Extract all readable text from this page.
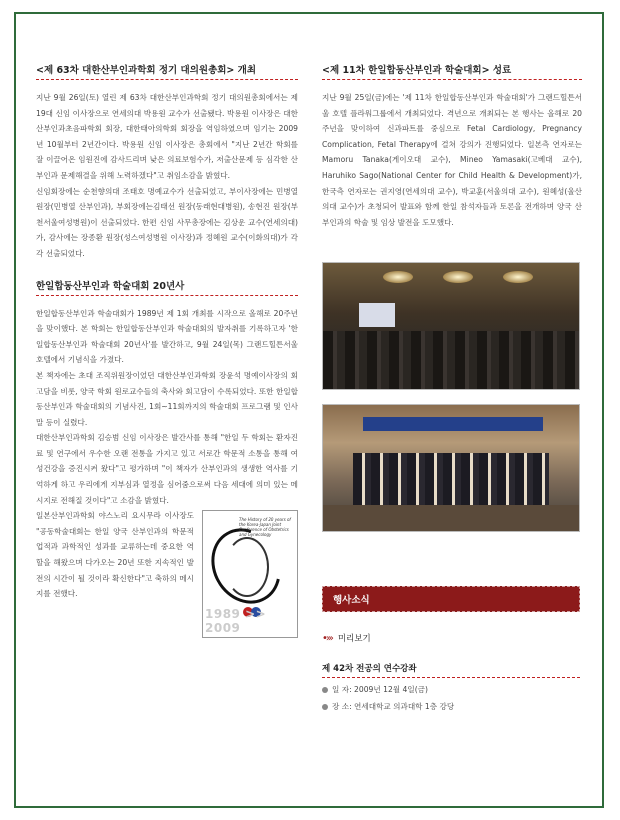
<제 63차 대한산부인과학회 정기 대의원총회> 개최

지난 9월 26일(토) 열린 제 63차 대한산부인과학회 정기 대의원총회에서는 제 19대 신임 이사장으로 연세의대 박용원 교수가 선출됐다. 박용원 이사장은 대한산부인과초음파학회 회장, 대한태아의학회 회장을 역임하였으며 임기는 2009년 10월부터 2년간이다. 박용원 신임 이사장은 총회에서 "지난 2년간 학회를 잘 이끌어온 임원진에 감사드리며 낮은 의료보험수가, 저출산문제 등 심각한 산부인과 문제해결을 위해 노력하겠다"고 취임소감을 밝혔다.

신임회장에는 순천향의대 조태호 명예교수가 선출되었고, 부이사장에는 민병열 원장(민병열 산부인과), 부회장에는김태선 원장(동래현대병원), 송현진 원장(부천서울여성병원)이 선출되었다. 한편 신임 사무총장에는 김상운 교수(연세의대)가, 감사에는 장종환 원장(성스여성병원 이사장)과 정혜원 교수(이화의대)가 각각 선출되었다.

한일합동산부인과 학술대회 20년사

한일합동산부인과 학술대회가 1989년 제 1회 개최를 시작으로 올해로 20주년을 맞이했다. 본 학회는 한일합동산부인과 학술대회의 발자취를 기록하고자 '한일합동산부인과 학술대회 20년사'를 발간하고, 9월 24일(목) 그랜드힐튼서울 호텔에서 기념식을 가졌다.

본 책자에는 초대 조직위원장이었던 대한산부인과학회 장윤석 명예이사장의 회고담을 비롯, 양국 학회 원로교수들의 축사와 회고담이 수록되었다. 또한 한일합동산부인과 학술대회의 기념사진, 1회~11회까지의 학술대회 프로그램 및 인사말 등이 실렸다.

대한산부인과학회 김승범 신임 이사장은 발간사를 통해 "한일 두 학회는 환자진료 및 연구에서 우수한 오랜 전통을 가지고 있고 서로간 학문적 소통을 통해 여성건강을 증진시켜 왔다"고 평가하며 "이 책자가 산부인과의 생생한 역사를 기억하게 하고 우리에게 지부심과 열정을 심어줌으로써 다음 세대에 의미 있는 메시지로 전해질 것이다"고 소감을 밝혔다.

일본산부인과학회 야스노리 요시무라 이사장도 "공동학술대회는 한일 양국 산부인과의 학문적 업적과 과학적인 성과를 교류하는데 중요한 역할을 해왔으며 다가오는 20년 또한 지속적인 발전의 시간이 될 것이라 확신한다"고 축하의 메시지를 전했다.

The History of 20 years of the Korea-Japan Joint Conference of Obstetrics and Gynecology
1989 >> 2009
<제 11차 한일합동산부인과 학술대회> 성료

지난 9월 25일(금)에는 '제 11차 한일합동산부인과 학술대회'가 그랜드힐튼서울 호텔 플라워그룹에서 개최되었다. 격년으로 개최되는 본 행사는 올해로 20주년을 맞이하여 신과파트를 중심으로 Fetal Cardiology, Pregnancy Complication, Fetal Therapy에 걸쳐 강의가 진행되었다. 일본측 연자로는 Mamoru Tanaka(게이오대 교수), Mineo Yamasaki(고베대 교수), Haruhiko Sago(National Center for Child Health & Development)가, 한국측 연자로는 권지영(연세의대 교수), 박교훈(서울의대 교수), 원혜성(울산의대 교수)가 초청되어 발표와 함께 한일 참석자들과 토론을 전개하며 양국 산부인과의 학술 및 임상 발전을 도모했다.

행사소식
•››› 미리보기
제 42차 전공의 연수강좌
일 자: 2009년 12월 4일(금)
장 소: 연세대학교 의과대학 1층 강당
